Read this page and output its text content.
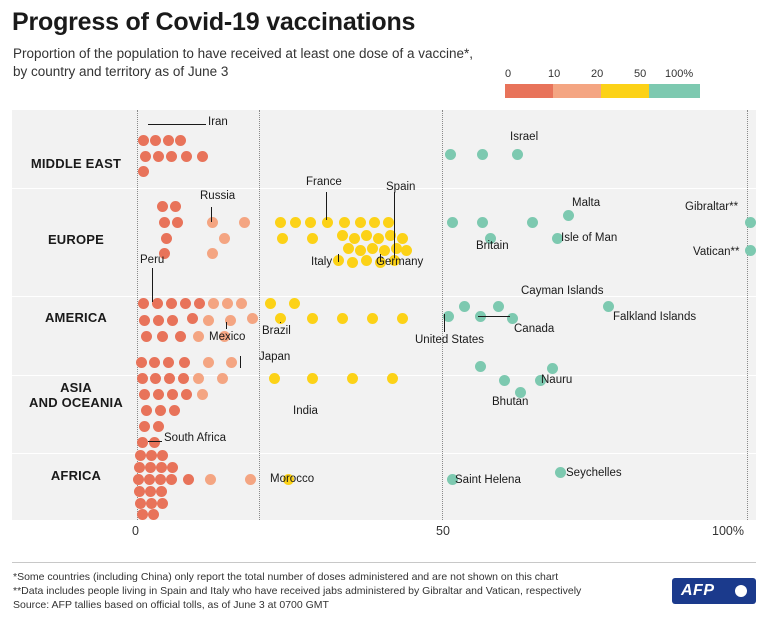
Progress of Covid-19 vaccinations
Proportion of the population to have received at least one dose of a vaccine*, by country and territory as of June 3	0	10	20	50 100%
MIDDLE EAST
EUROPE
AMERICA
ASIA
AND OCEANIA
AFRICA
Iran
Israel
Russia
France	Spain
Italy	Germany
Malta
Britain
Isle of Man
Gibraltar**
Vatican**
Peru
Mexico Brazil
United States
Cayman Islands
Canada
Falkland Islands
Japan
India
Nauru
Bhutan
South Africa
Morocco	Saint Helena
Seychelles
0	50	100%
*Some countries (including China) only report the total number of doses administered and are not shown on this chart
**Data includes people living in Spain and Italy who have received jabs administered by Gibraltar and Vatican, respectively
Source: AFP tallies based on official tolls, as of June 3 at 0700 GMT
AFP
